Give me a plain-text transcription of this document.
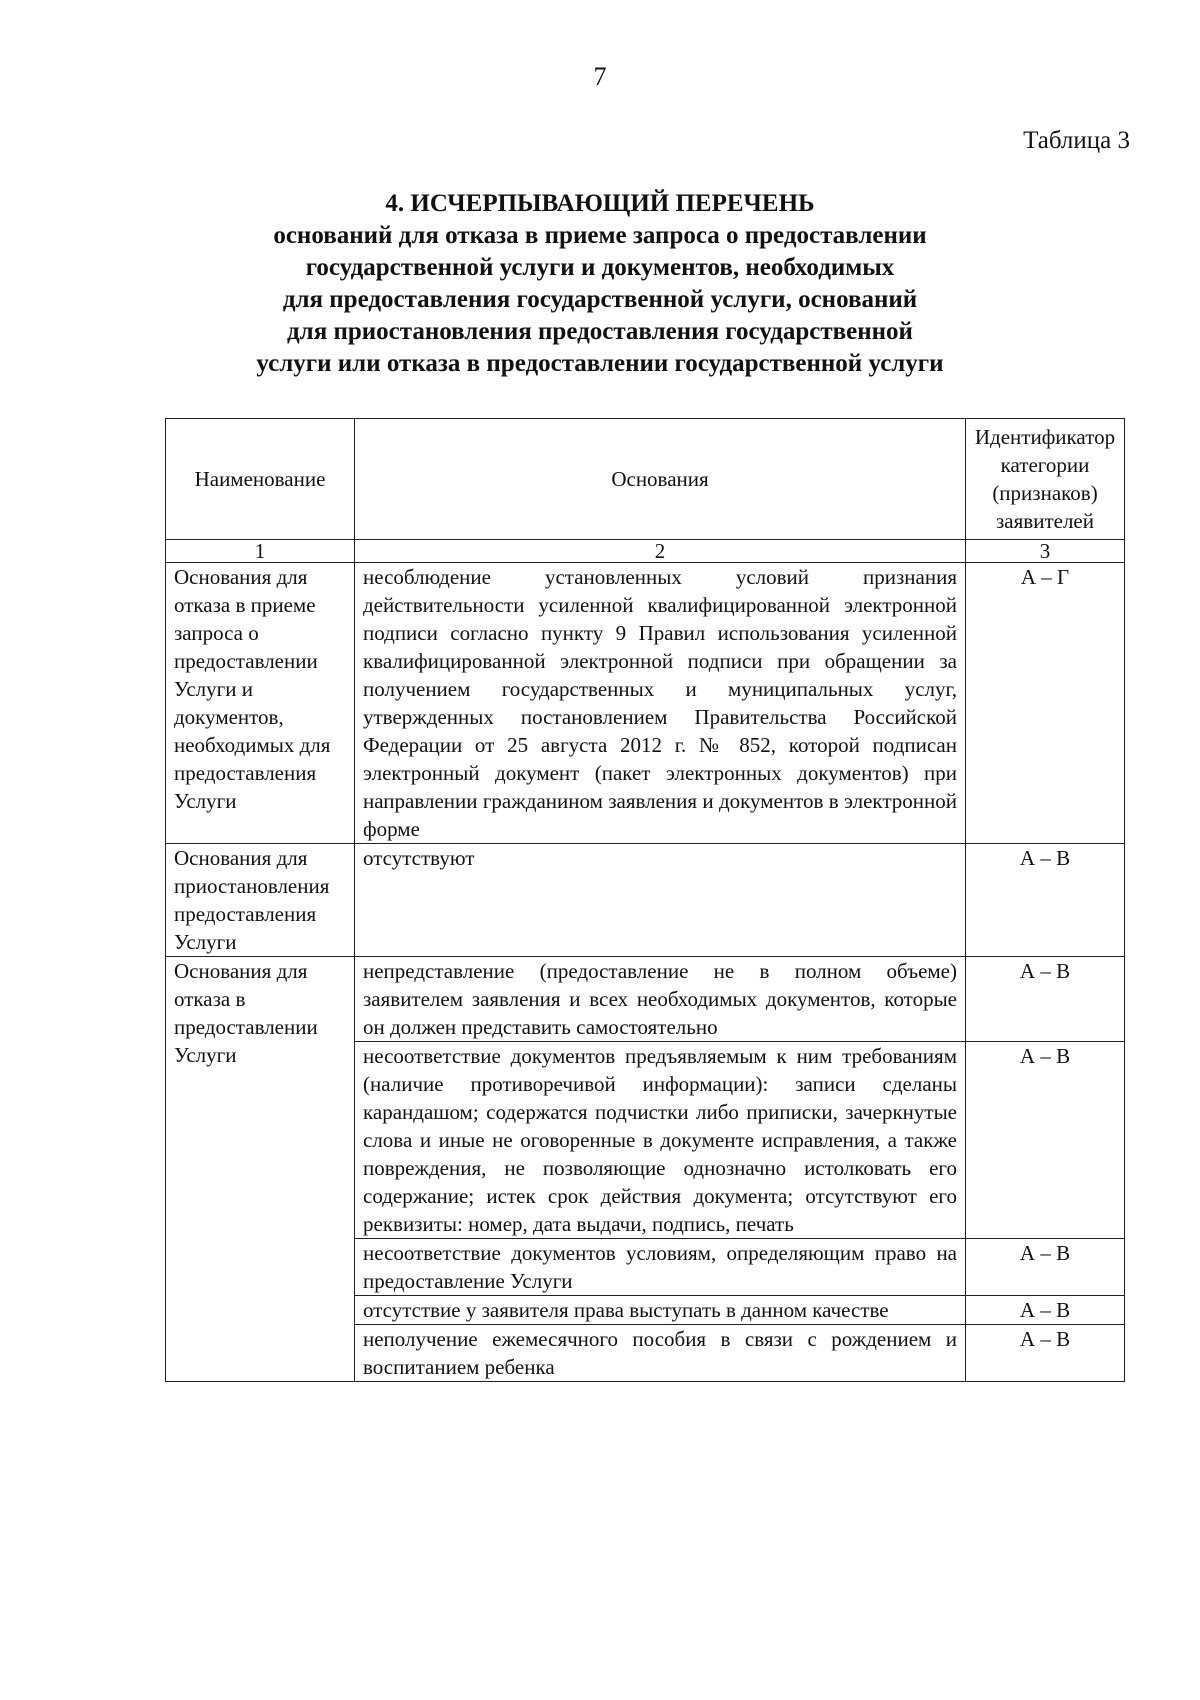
7
Таблица 3
4. ИСЧЕРПЫВАЮЩИЙ ПЕРЕЧЕНЬ
оснований для отказа в приеме запроса о предоставлении
государственной услуги и документов, необходимых
для предоставления государственной услуги, оснований
для приостановления предоставления государственной
услуги или отказа в предоставлении государственной услуги
Наименование	Основания	Идентификатор категории (признаков) заявителей
1	2	3
Основания для отказа в приеме запроса о предоставлении Услуги и документов, необходимых для предоставления Услуги	несоблюдение установленных условий признания действительности усиленной квалифицированной электронной подписи согласно пункту 9 Правил использования усиленной квалифицированной электронной подписи при обращении за получением государственных и муниципальных услуг, утвержденных постановлением Правительства Российской Федерации от 25 августа 2012 г. № 852, которой подписан электронный документ (пакет электронных документов) при направлении гражданином заявления и документов в электронной форме	А – Г
Основания для приостановления предоставления Услуги	отсутствуют	А – В
Основания для отказа в предоставлении Услуги	непредставление (предоставление не в полном объеме) заявителем заявления и всех необходимых документов, которые он должен представить самостоятельно	А – В
	несоответствие документов предъявляемым к ним требованиям (наличие противоречивой информации): записи сделаны карандашом; содержатся подчистки либо приписки, зачеркнутые слова и иные не оговоренные в документе исправления, а также повреждения, не позволяющие однозначно истолковать его содержание; истек срок действия документа; отсутствуют его реквизиты: номер, дата выдачи, подпись, печать	А – В
	несоответствие документов условиям, определяющим право на предоставление Услуги	А – В
	отсутствие у заявителя права выступать в данном качестве	А – В
	неполучение ежемесячного пособия в связи с рождением и воспитанием ребенка	А – В
